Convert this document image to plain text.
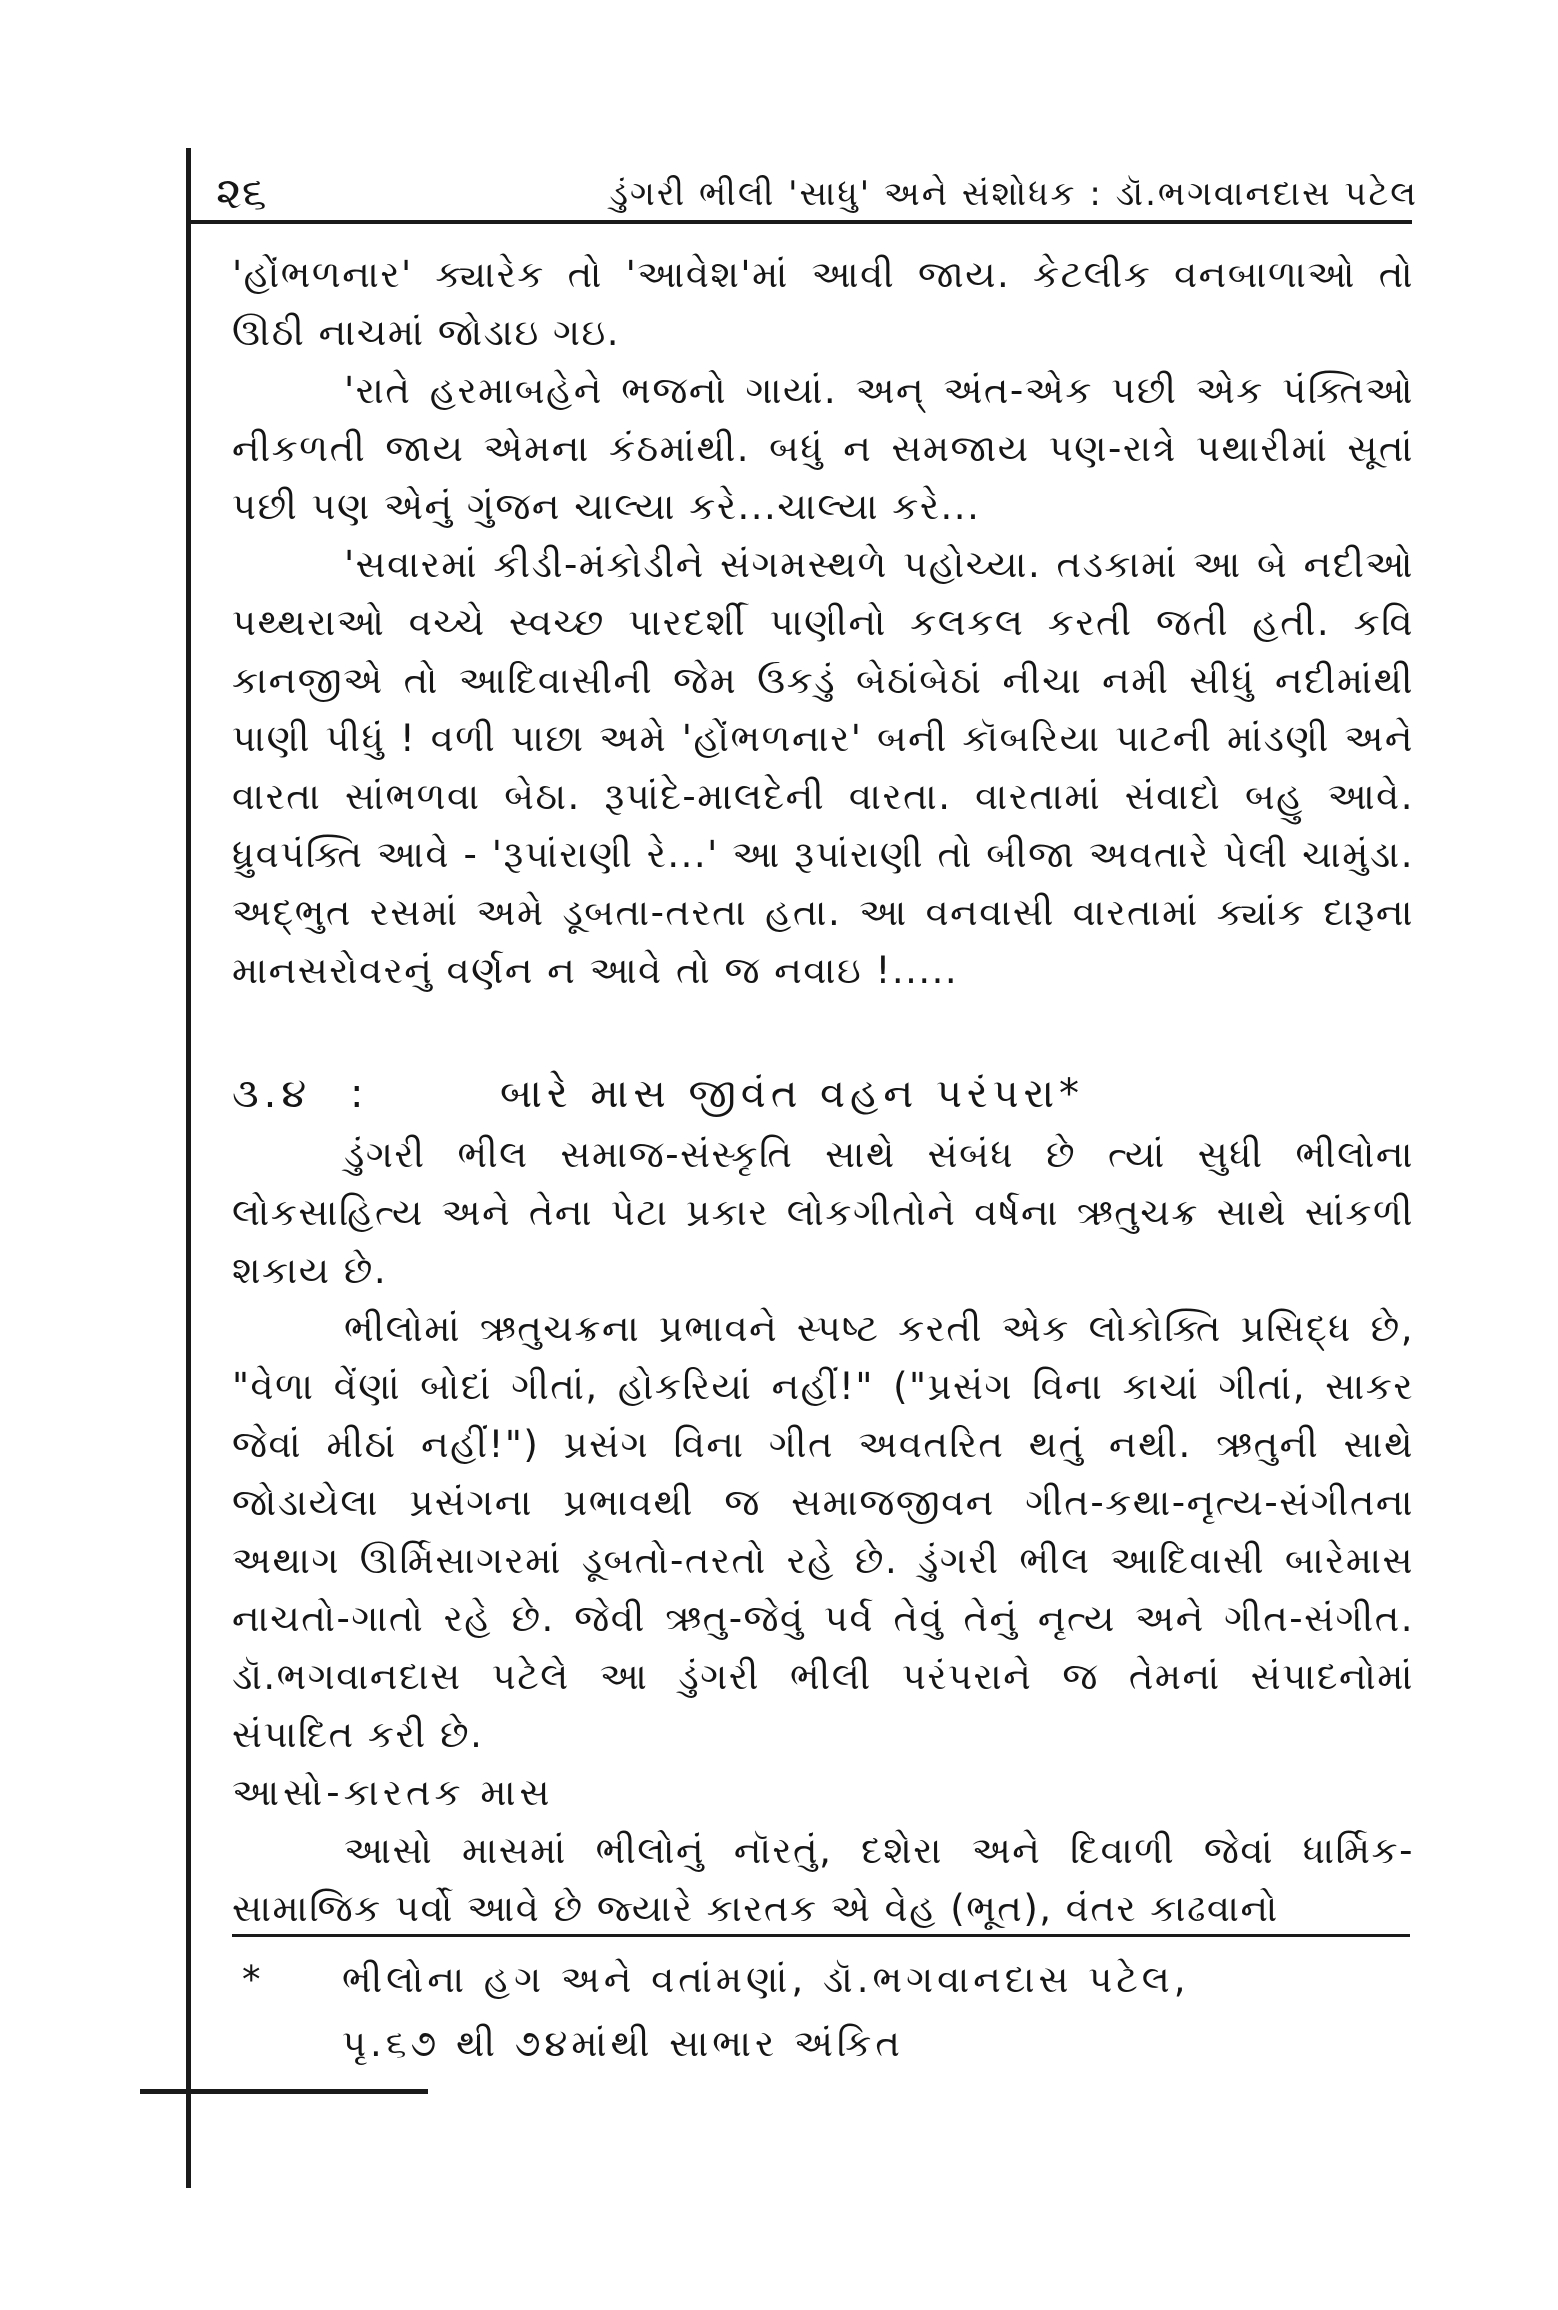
૨૬	ડુંગરી ભીલી 'સાધુ' અને સંશોધક : ડૉ.ભગવાનદાસ પટેલ

'હોંભળનાર' ક્યારેક તો 'આવેશ'માં આવી જાય. કેટલીક વનબાળાઓ તો ઊઠી નાચમાં જોડાઇ ગઇ.

'રાતે હરમાબહેને ભજનો ગાયાં. અન્ અંત-એક પછી એક પંક્તિઓ નીકળતી જાય એમના કંઠમાંથી. બધું ન સમજાય પણ-રાત્રે પથારીમાં સૂતાં પછી પણ એનું ગુંજન ચાલ્યા કરે...ચાલ્યા કરે...

'સવારમાં કીડી-મંકોડીને સંગમસ્થળે પહોચ્યા. તડકામાં આ બે નદીઓ પથ્થરાઓ વચ્ચે સ્વચ્છ પારદર્શી પાણીનો કલકલ કરતી જતી હતી. કવિ કાનજીએ તો આદિવાસીની જેમ ઉકડું બેઠાંબેઠાં નીચા નમી સીધું નદીમાંથી પાણી પીધું ! વળી પાછા અમે 'હોંભળનાર' બની કૉબરિયા પાટની માંડણી અને વારતા સાંભળવા બેઠા. રૂપાંદે-માલદેની વારતા. વારતામાં સંવાદો બહુ આવે. ધ્રુવપંક્તિ આવે - 'રૂપાંરાણી રે...' આ રૂપાંરાણી તો બીજા અવતારે પેલી ચામુંડા. અદ્ભુત રસમાં અમે ડૂબતા-તરતા હતા. આ વનવાસી વારતામાં ક્યાંક દારૂના માનસરોવરનું વર્ણન ન આવે તો જ નવાઇ !.....

૩.૪ :	બારે માસ જીવંત વહન પરંપરા*

ડુંગરી ભીલ સમાજ-સંસ્કૃતિ સાથે સંબંધ છે ત્યાં સુધી ભીલોના લોકસાહિત્ય અને તેના પેટા પ્રકાર લોકગીતોને વર્ષના ઋતુચક્ર સાથે સાંકળી શકાય છે.

ભીલોમાં ઋતુચક્રના પ્રભાવને સ્પષ્ટ કરતી એક લોકોક્તિ પ્રસિદ્ધ છે, "વેળા વેંણાં બોદાં ગીતાં, હોકરિયાં નહીં!" ("પ્રસંગ વિના કાચાં ગીતાં, સાકર જેવાં મીઠાં નહીં!") પ્રસંગ વિના ગીત અવતરિત થતું નથી. ઋતુની સાથે જોડાયેલા પ્રસંગના પ્રભાવથી જ સમાજજીવન ગીત-કથા-નૃત્ય-સંગીતના અથાગ ઊર્મિસાગરમાં ડૂબતો-તરતો રહે છે. ડુંગરી ભીલ આદિવાસી બારેમાસ નાચતો-ગાતો રહે છે. જેવી ઋતુ-જેવું પર્વ તેવું તેનું નૃત્ય અને ગીત-સંગીત. ડૉ.ભગવાનદાસ પટેલે આ ડુંગરી ભીલી પરંપરાને જ તેમનાં સંપાદનોમાં સંપાદિત કરી છે.

આસો-કારતક માસ

આસો માસમાં ભીલોનું નૉરતું, દશેરા અને દિવાળી જેવાં ધાર્મિક-સામાજિક પર્વો આવે છે જ્યારે કારતક એ વેહ (ભૂત), વંતર કાઢવાનો

*	ભીલોના હગ અને વતાંમણાં, ડૉ.ભગવાનદાસ પટેલ,
પૃ.૬૭ થી ૭૪માંથી સાભાર અંકિત
